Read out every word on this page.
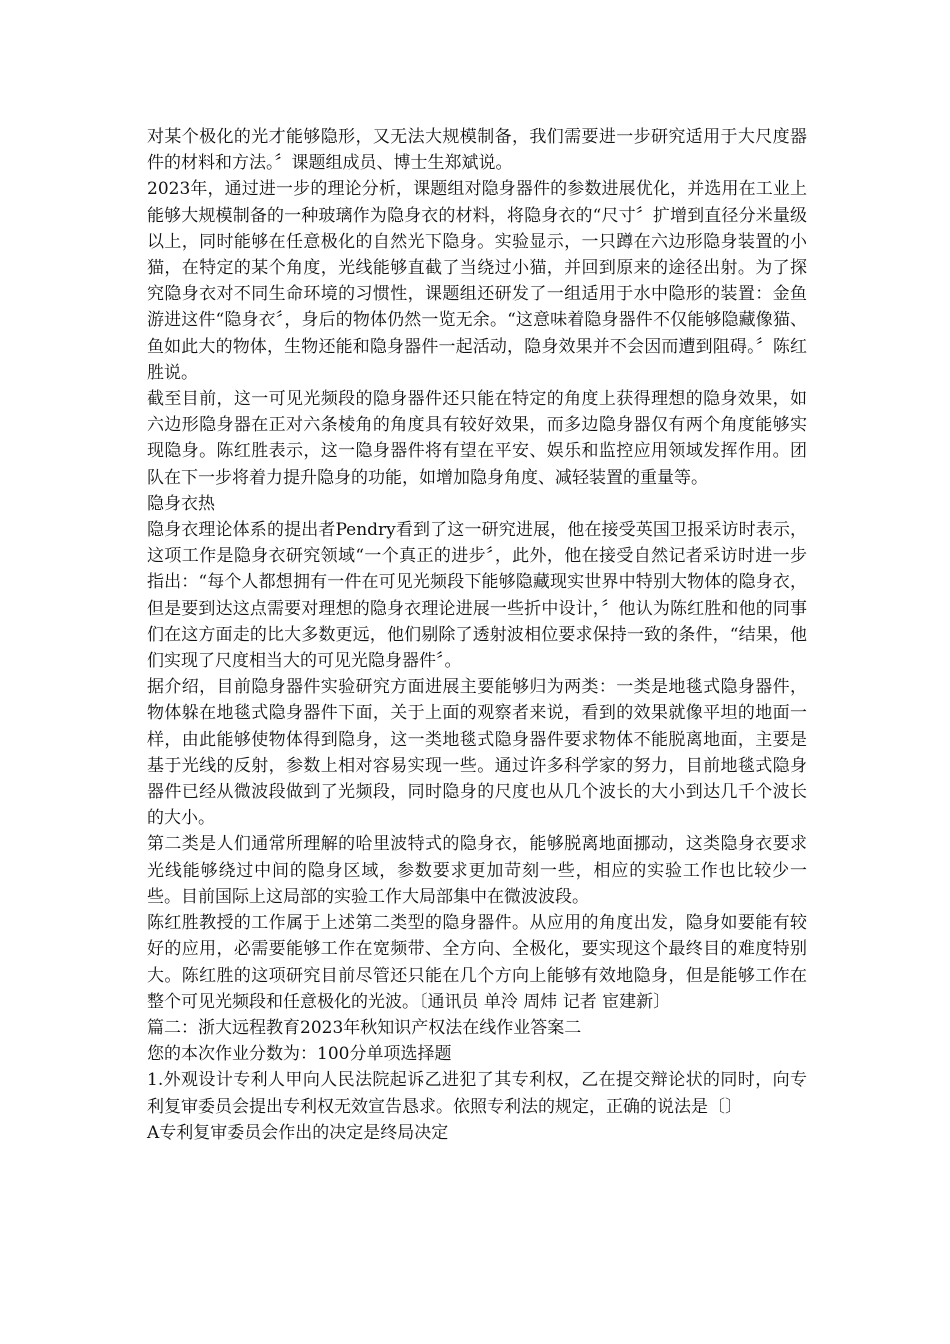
对某个极化的光才能够隐形，又无法大规模制备，我们需要进一步研究适用于大尺度器件的材料和方法。〞课题组成员、博士生郑斌说。

2023年，通过进一步的理论分析，课题组对隐身器件的参数进展优化，并选用在工业上能够大规模制备的一种玻璃作为隐身衣的材料，将隐身衣的“尺寸〞扩增到直径分米量级以上，同时能够在任意极化的自然光下隐身。实验显示，一只蹲在六边形隐身装置的小猫，在特定的某个角度，光线能够直截了当绕过小猫，并回到原来的途径出射。为了探究隐身衣对不同生命环境的习惯性，课题组还研发了一组适用于水中隐形的装置：金鱼游进这件“隐身衣〞，身后的物体仍然一览无余。“这意味着隐身器件不仅能够隐藏像猫、鱼如此大的物体，生物还能和隐身器件一起活动，隐身效果并不会因而遭到阻碍。〞陈红胜说。

截至目前，这一可见光频段的隐身器件还只能在特定的角度上获得理想的隐身效果，如六边形隐身器在正对六条棱角的角度具有较好效果，而多边隐身器仅有两个角度能够实现隐身。陈红胜表示，这一隐身器件将有望在平安、娱乐和监控应用领域发挥作用。团队在下一步将着力提升隐身的功能，如增加隐身角度、减轻装置的重量等。

隐身衣热

隐身衣理论体系的提出者Pendry看到了这一研究进展，他在接受英国卫报采访时表示，这项工作是隐身衣研究领域“一个真正的进步〞，此外，他在接受自然记者采访时进一步指出：“每个人都想拥有一件在可见光频段下能够隐藏现实世界中特别大物体的隐身衣，但是要到达这点需要对理想的隐身衣理论进展一些折中设计，〞他认为陈红胜和他的同事们在这方面走的比大多数更远，他们剔除了透射波相位要求保持一致的条件，“结果，他们实现了尺度相当大的可见光隐身器件〞。

据介绍，目前隐身器件实验研究方面进展主要能够归为两类：一类是地毯式隐身器件，物体躲在地毯式隐身器件下面，关于上面的观察者来说，看到的效果就像平坦的地面一样，由此能够使物体得到隐身，这一类地毯式隐身器件要求物体不能脱离地面，主要是基于光线的反射，参数上相对容易实现一些。通过许多科学家的努力，目前地毯式隐身器件已经从微波段做到了光频段，同时隐身的尺度也从几个波长的大小到达几千个波长的大小。

第二类是人们通常所理解的哈里波特式的隐身衣，能够脱离地面挪动，这类隐身衣要求光线能够绕过中间的隐身区域，参数要求更加苛刻一些，相应的实验工作也比较少一些。目前国际上这局部的实验工作大局部集中在微波波段。

陈红胜教授的工作属于上述第二类型的隐身器件。从应用的角度出发，隐身如要能有较好的应用，必需要能够工作在宽频带、全方向、全极化，要实现这个最终目的难度特别大。陈红胜的这项研究目前尽管还只能在几个方向上能够有效地隐身，但是能够工作在整个可见光频段和任意极化的光波。〔通讯员 单泠 周炜 记者 宦建新〕

篇二：浙大远程教育2023年秋知识产权法在线作业答案二

您的本次作业分数为：100分单项选择题

1.外观设计专利人甲向人民法院起诉乙进犯了其专利权，乙在提交辩论状的同时，向专利复审委员会提出专利权无效宣告恳求。依照专利法的规定，正确的说法是〔〕

A专利复审委员会作出的决定是终局决定
